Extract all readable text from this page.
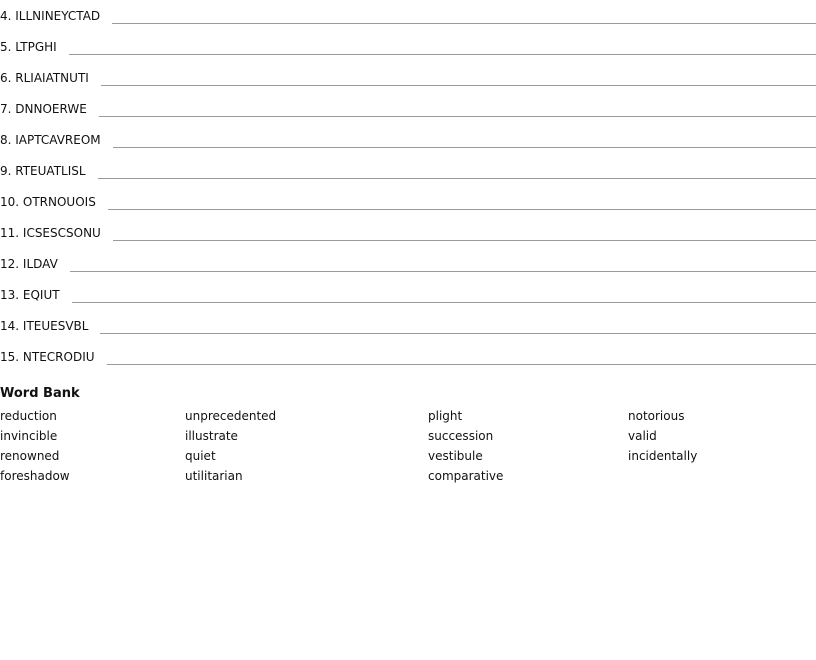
4. ILLNINEYCTAD
5. LTPGHI
6. RLIAIATNUTI
7. DNNOERWE
8. IAPTCAVREOM
9. RTEUATLISL
10. OTRNOUOIS
11. ICSESCSONU
12. ILDAV
13. EQIUT
14. ITEUESVBL
15. NTECRODIU
Word Bank
reduction
invincible
renowned
foreshadow
unprecedented
illustrate
quiet
utilitarian
plight
succession
vestibule
comparative
notorious
valid
incidentally
